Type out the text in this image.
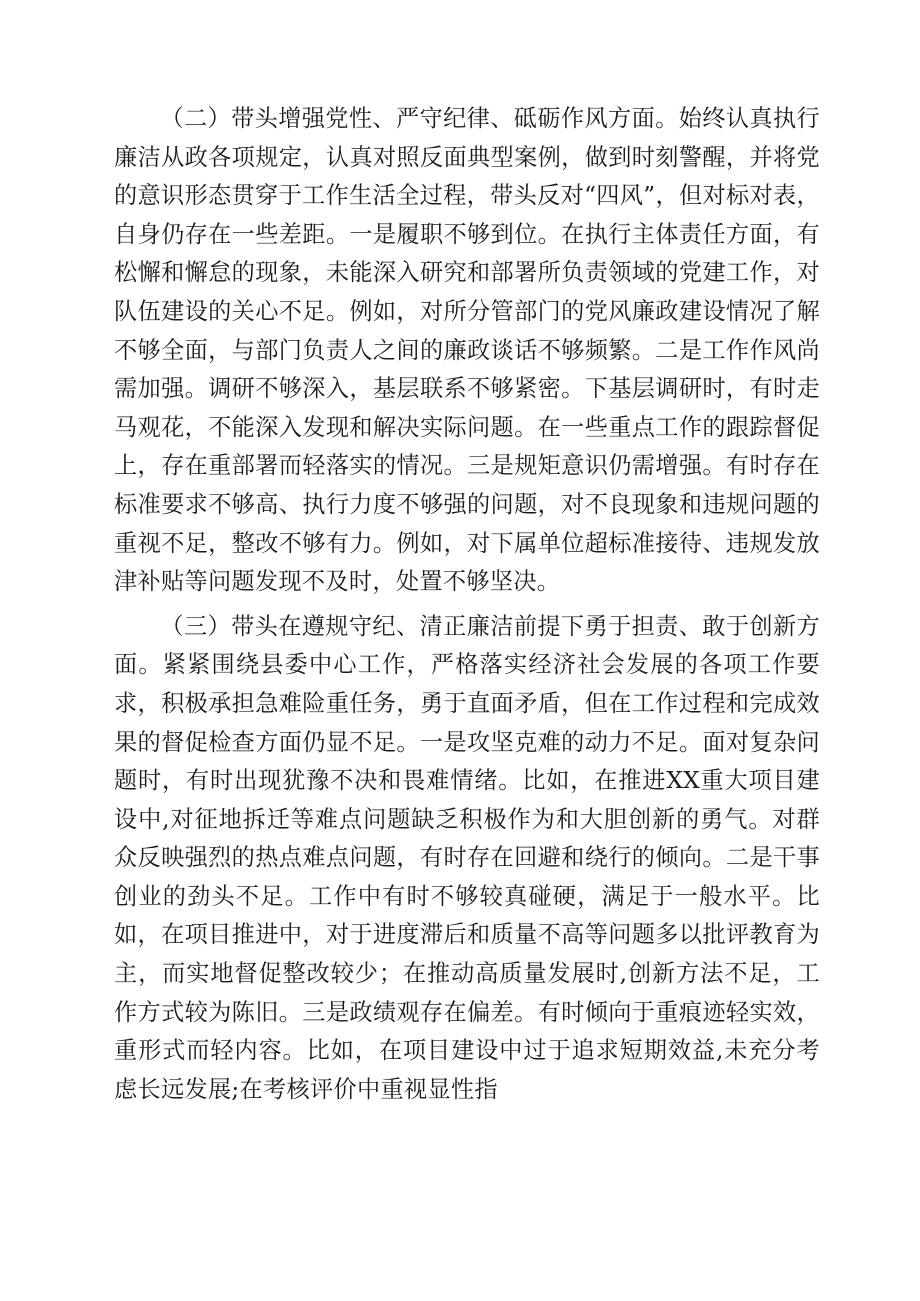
（二）带头增强党性、严守纪律、砥砺作风方面。始终认真执行廉洁从政各项规定，认真对照反面典型案例，做到时刻警醒，并将党的意识形态贯穿于工作生活全过程，带头反对“四风”，但对标对表，自身仍存在一些差距。一是履职不够到位。在执行主体责任方面，有松懈和懈怠的现象，未能深入研究和部署所负责领域的党建工作，对队伍建设的关心不足。例如，对所分管部门的党风廉政建设情况了解不够全面，与部门负责人之间的廉政谈话不够频繁。二是工作作风尚需加强。调研不够深入，基层联系不够紧密。下基层调研时，有时走马观花，不能深入发现和解决实际问题。在一些重点工作的跟踪督促上，存在重部署而轻落实的情况。三是规矩意识仍需增强。有时存在标准要求不够高、执行力度不够强的问题，对不良现象和违规问题的重视不足，整改不够有力。例如，对下属单位超标准接待、违规发放津补贴等问题发现不及时，处置不够坚决。

（三）带头在遵规守纪、清正廉洁前提下勇于担责、敢于创新方面。紧紧围绕县委中心工作，严格落实经济社会发展的各项工作要求，积极承担急难险重任务，勇于直面矛盾，但在工作过程和完成效果的督促检查方面仍显不足。一是攻坚克难的动力不足。面对复杂问题时，有时出现犹豫不决和畏难情绪。比如，在推进XX重大项目建设中,对征地拆迁等难点问题缺乏积极作为和大胆创新的勇气。对群众反映强烈的热点难点问题，有时存在回避和绕行的倾向。二是干事创业的劲头不足。工作中有时不够较真碰硬，满足于一般水平。比如，在项目推进中，对于进度滞后和质量不高等问题多以批评教育为主，而实地督促整改较少；在推动高质量发展时,创新方法不足，工作方式较为陈旧。三是政绩观存在偏差。有时倾向于重痕迹轻实效，重形式而轻内容。比如，在项目建设中过于追求短期效益,未充分考虑长远发展;在考核评价中重视显性指
